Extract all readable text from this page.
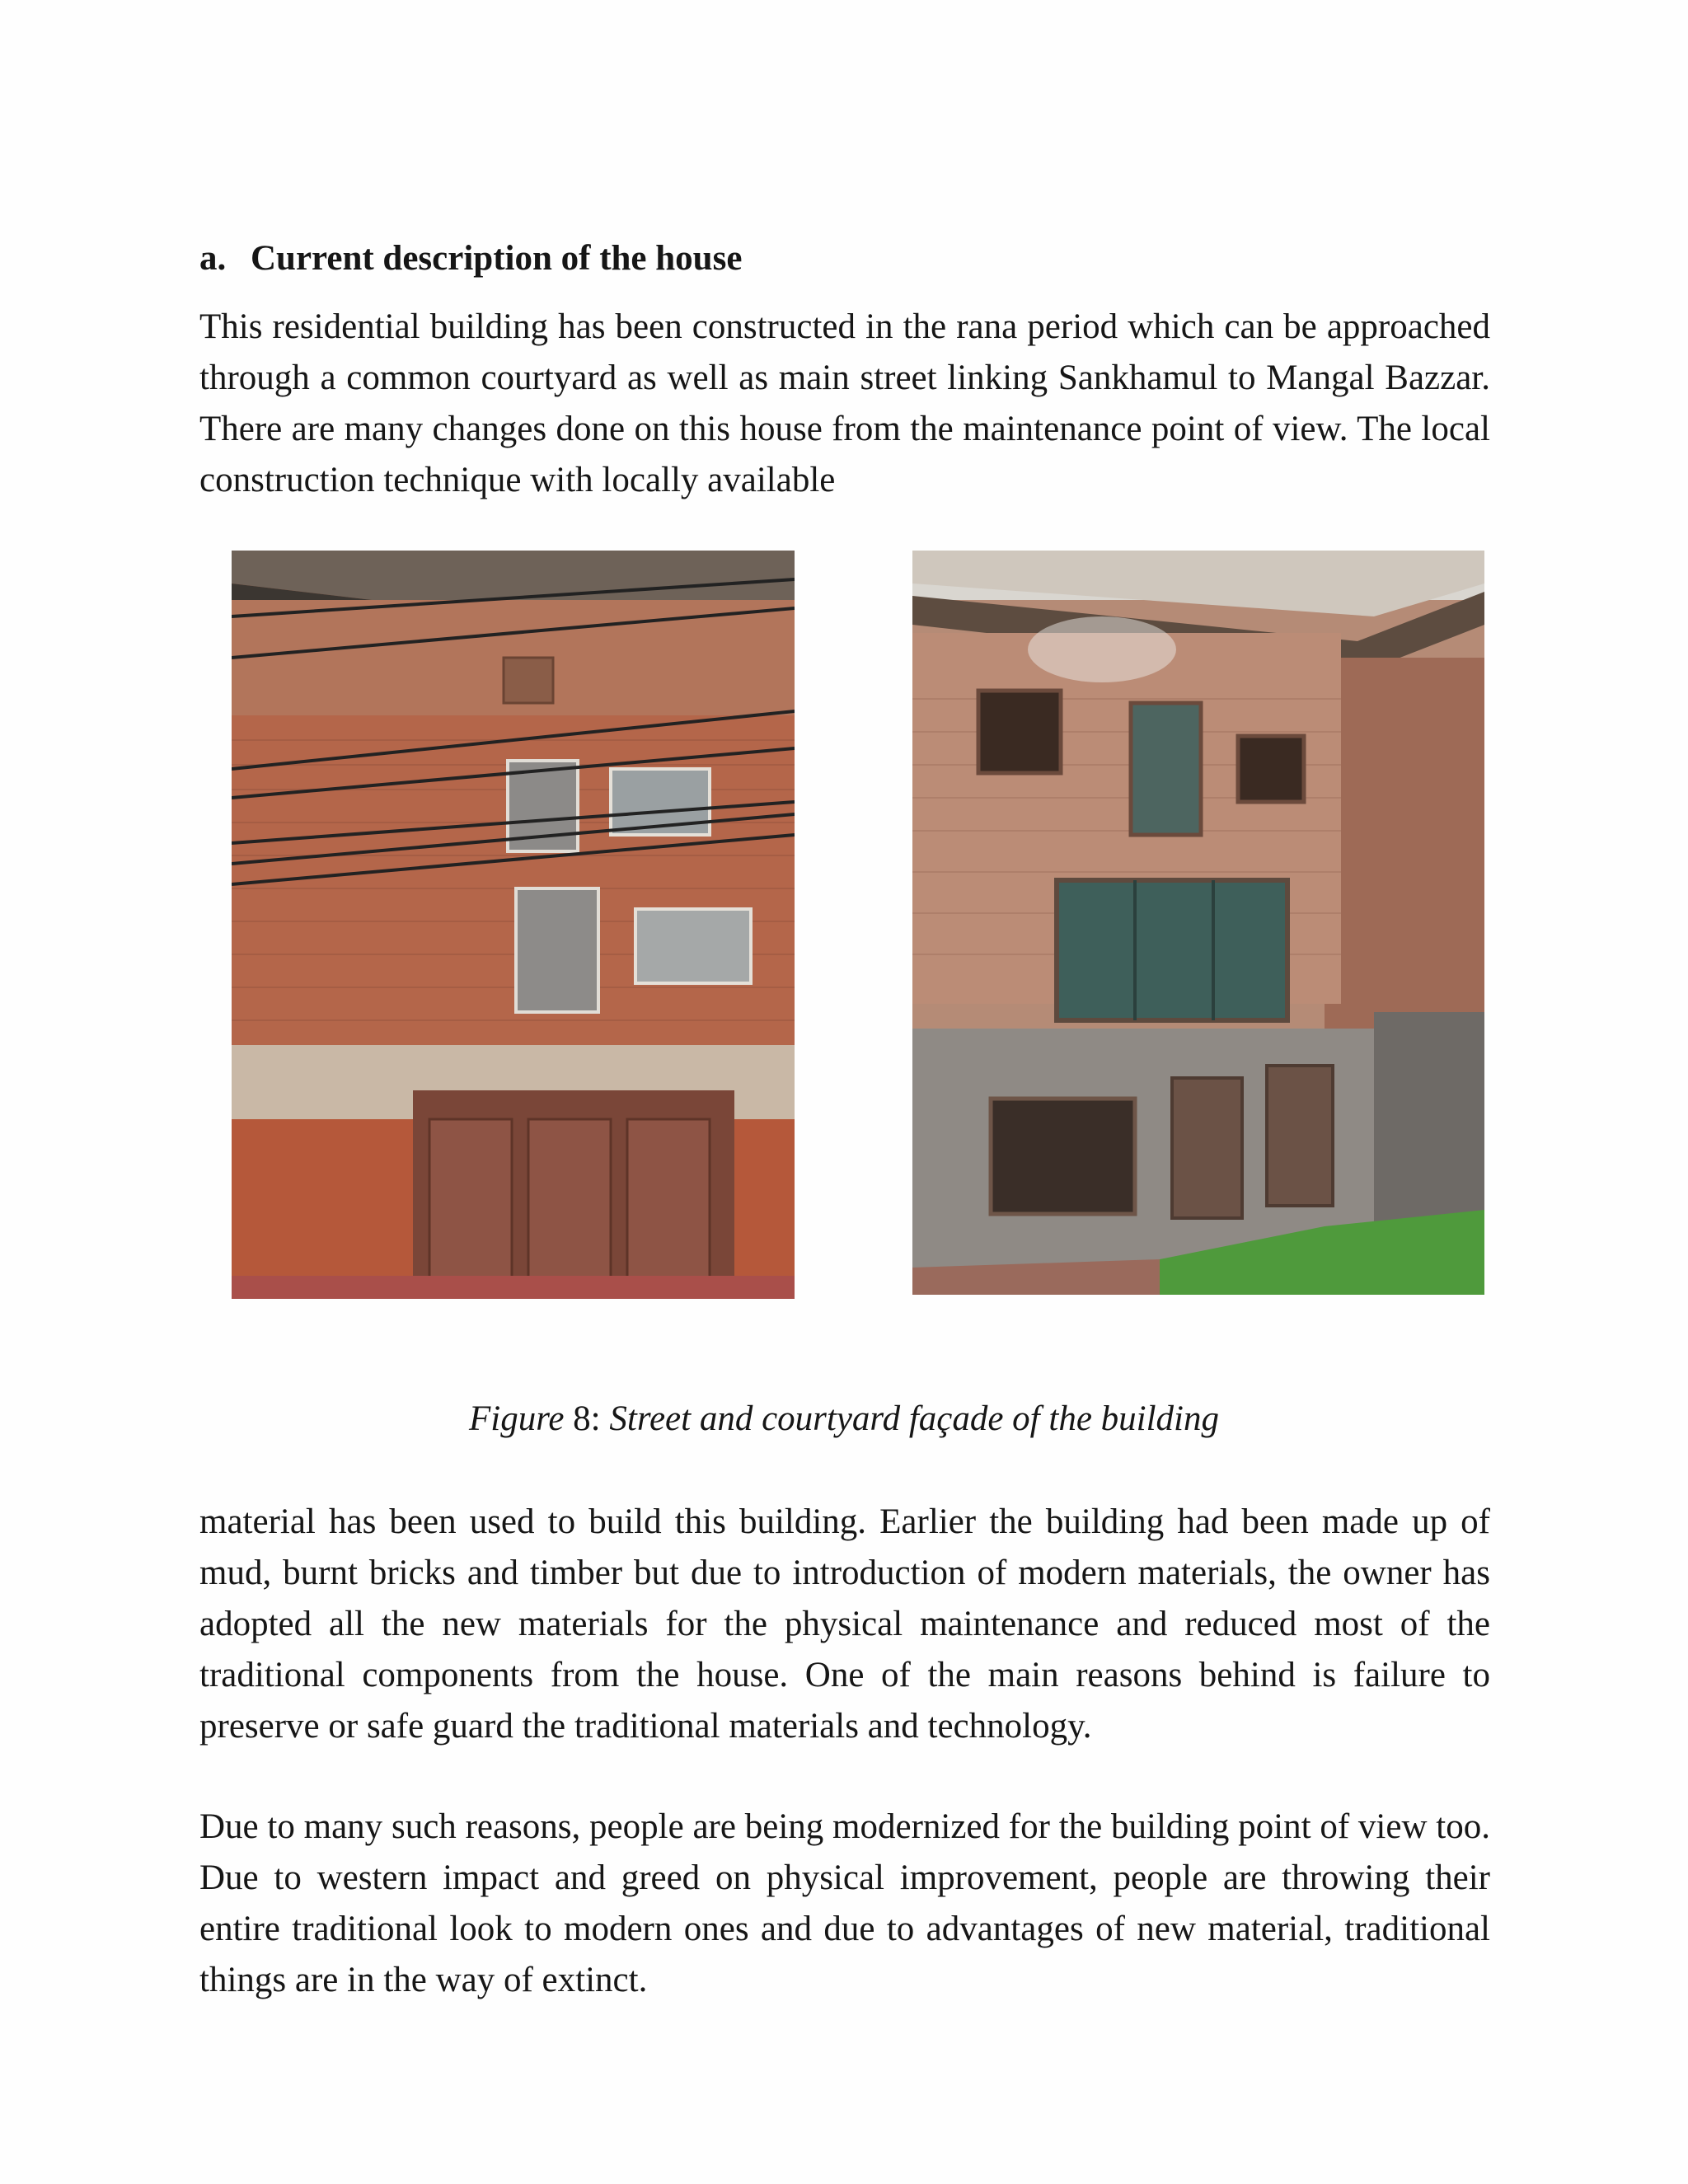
a. Current description of the house

This residential building has been constructed in the rana period which can be approached through a common courtyard as well as main street linking Sankhamul to Mangal Bazzar. There are many changes done on this house from the maintenance point of view. The local construction technique with locally available

Figure 8: Street and courtyard façade of the building

material has been used to build this building. Earlier the building had been made up of mud, burnt bricks and timber but due to introduction of modern materials, the owner has adopted all the new materials for the physical maintenance and reduced most of the traditional components from the house. One of the main reasons behind is failure to preserve or safe guard the traditional materials and technology.

Due to many such reasons, people are being modernized for the building point of view too. Due to western impact and greed on physical improvement, people are throwing their entire traditional look to modern ones and due to advantages of new material, traditional things are in the way of extinct.
